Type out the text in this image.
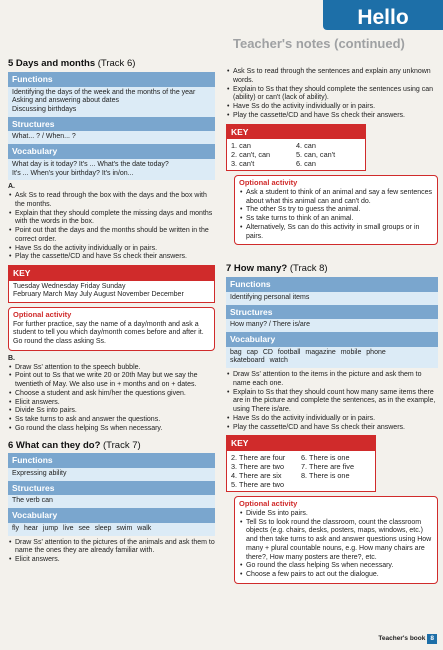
Hello
Teacher's notes (continued)
5 Days and months (Track 6)
Functions

Identifying the days of the week and the months of the year

Asking and answering about dates

Discussing birthdays

Structures

What... ? / When... ?

Vocabulary

What day is it today? It's ... What's the date today?

It's ... When's your birthday? It's in/on...

A.
• Ask Ss to read through the box with the days and the box with the months.
• Explain that they should complete the missing days and months with the words in the box.
• Point out that the days and the months should be written in the correct order.
• Have Ss do the activity individually or in pairs.
• Play the cassette/CD and have Ss check their answers.
KEY

Tuesday Wednesday Friday Sunday

February March May July August November December

Optional activity

For further practice, say the name of a day/month and ask a student to tell you which day/month comes before and after it. Go round the class asking Ss.

B.
• Draw Ss' attention to the speech bubble.
• Point out to Ss that we write 20 or 20th May but we say the twentieth of May. We also use in + months and on + dates.
• Choose a student and ask him/her the questions given.
• Elicit answers.
• Divide Ss into pairs.
• Ss take turns to ask and answer the questions.
• Go round the class helping Ss when necessary.
6 What can they do? (Track 7)
Functions

Expressing ability

Structures

The verb can

Vocabulary

fly hear jump live see sleep swim walk

• Draw Ss' attention to the pictures of the animals and ask them to name the ones they are already familiar with.
• Elicit answers.
• Ask Ss to read through the sentences and explain any unknown words.
• Explain to Ss that they should complete the sentences using can (ability) or can't (lack of ability).
• Have Ss do the activity individually or in pairs.
• Play the cassette/CD and have Ss check their answers.
KEY

1. can

2. can't, can

3. can't

4. can

5. can, can't

6. can

Optional activity
• Ask a student to think of an animal and say a few sentences about what this animal can and can't do.
• The other Ss try to guess the animal.
• Ss take turns to think of an animal.
• Alternatively, Ss can do this activity in small groups or in pairs.
7 How many? (Track 8)
Functions

Identifying personal items

Structures

How many? / There is/are

Vocabulary

bag cap CD football magazine mobile phone

skateboard watch

• Draw Ss' attention to the items in the picture and ask them to name each one.
• Explain to Ss that they should count how many same items there are in the picture and complete the sentences, as in the example, using There is/are.
• Have Ss do the activity individually or in pairs.
• Play the cassette/CD and have Ss check their answers.
KEY

2. There are four

3. There are two

4. There are six

5. There are two

6. There is one

7. There are five

8. There is one

Optional activity
• Divide Ss into pairs.
• Tell Ss to look round the classroom, count the classroom objects (e.g. chairs, desks, posters, maps, windows, etc.) and then take turns to ask and answer questions using How many + plural countable nouns, e.g. How many chairs are there?, How many posters are there?, etc.
• Go round the class helping Ss when necessary.
• Choose a few pairs to act out the dialogue.
Teacher's book 8
